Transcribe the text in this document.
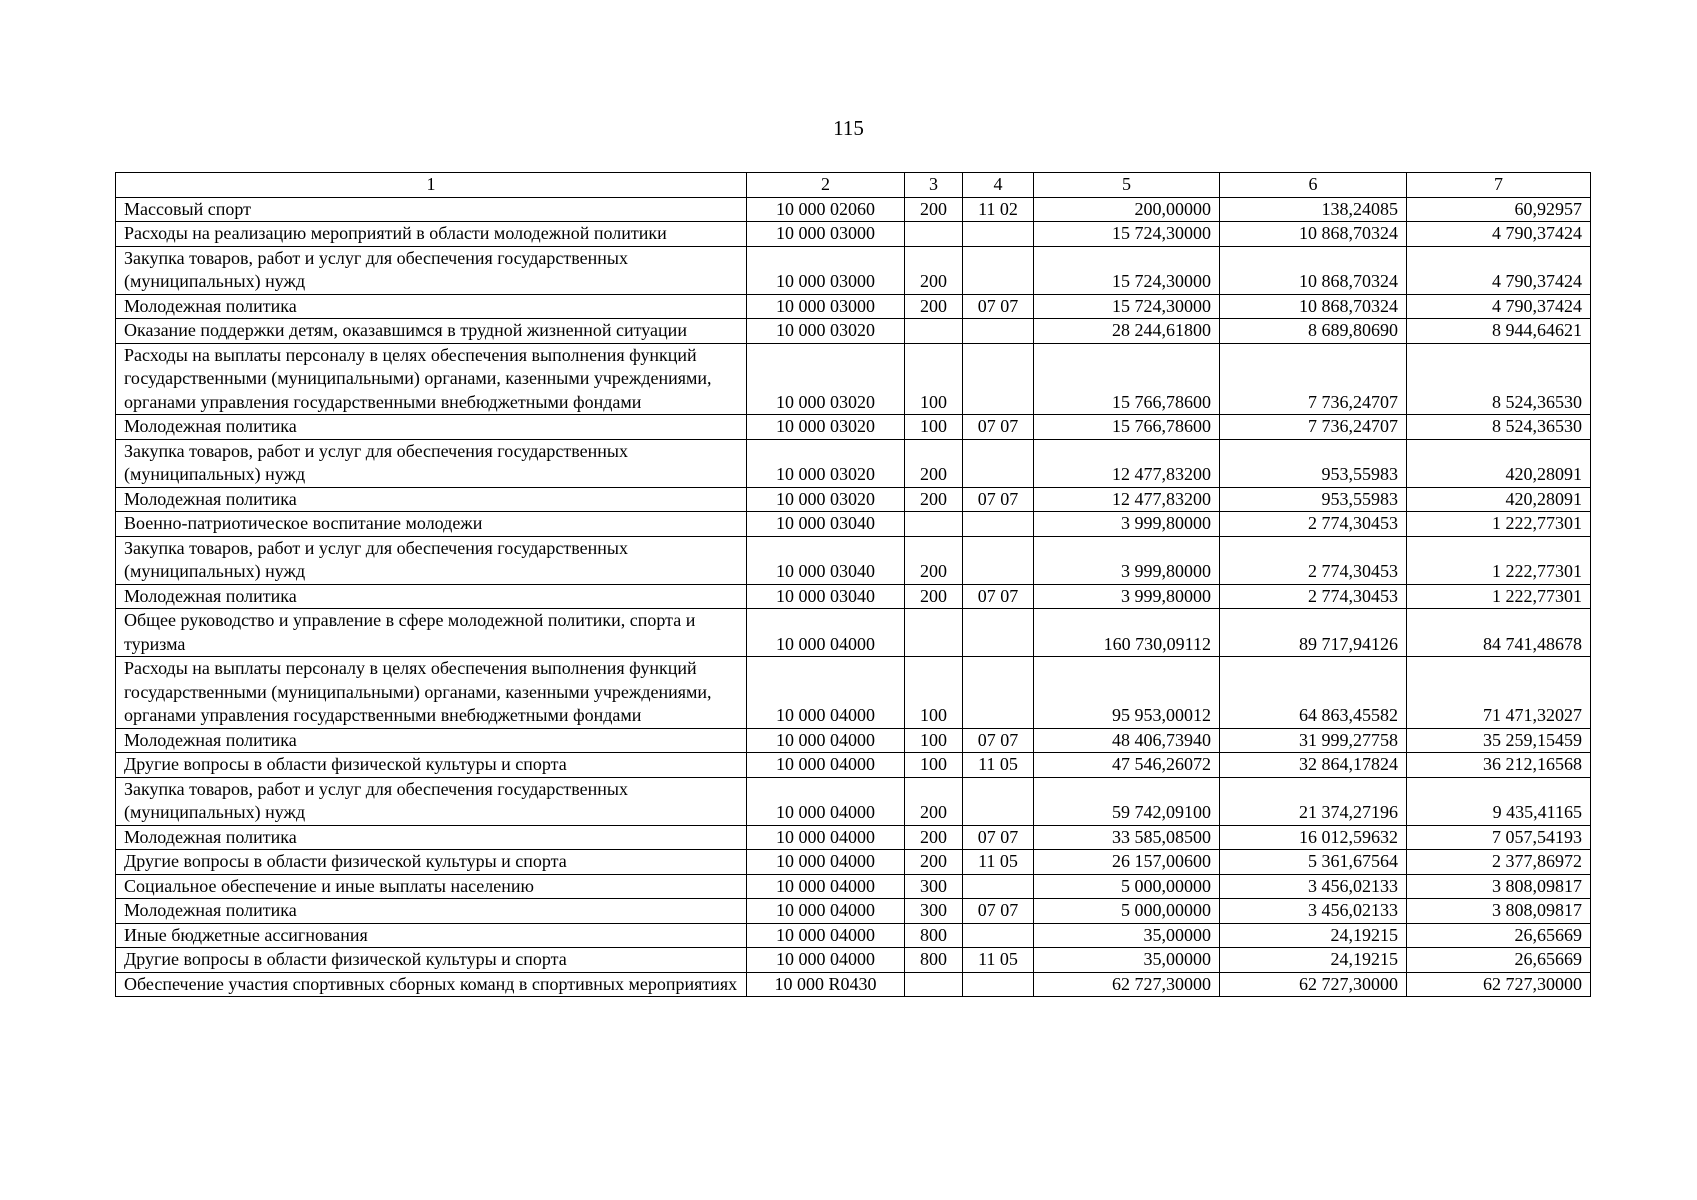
115
1	2	3	4	5	6	7
Массовый спорт	10 000 02060	200	11 02	200,00000	138,24085	60,92957
Расходы на реализацию мероприятий в области молодежной политики	10 000 03000			15 724,30000	10 868,70324	4 790,37424
Закупка товаров, работ и услуг для обеспечения государственных (муниципальных) нужд	10 000 03000	200		15 724,30000	10 868,70324	4 790,37424
Молодежная политика	10 000 03000	200	07 07	15 724,30000	10 868,70324	4 790,37424
Оказание поддержки детям, оказавшимся в трудной жизненной ситуации	10 000 03020			28 244,61800	8 689,80690	8 944,64621
Расходы на выплаты персоналу в целях обеспечения выполнения функций государственными (муниципальными) органами, казенными учреждениями, органами управления государственными внебюджетными фондами	10 000 03020	100		15 766,78600	7 736,24707	8 524,36530
Молодежная политика	10 000 03020	100	07 07	15 766,78600	7 736,24707	8 524,36530
Закупка товаров, работ и услуг для обеспечения государственных (муниципальных) нужд	10 000 03020	200		12 477,83200	953,55983	420,28091
Молодежная политика	10 000 03020	200	07 07	12 477,83200	953,55983	420,28091
Военно-патриотическое воспитание молодежи	10 000 03040			3 999,80000	2 774,30453	1 222,77301
Закупка товаров, работ и услуг для обеспечения государственных (муниципальных) нужд	10 000 03040	200		3 999,80000	2 774,30453	1 222,77301
Молодежная политика	10 000 03040	200	07 07	3 999,80000	2 774,30453	1 222,77301
Общее руководство и управление в сфере молодежной политики, спорта и туризма	10 000 04000			160 730,09112	89 717,94126	84 741,48678
Расходы на выплаты персоналу в целях обеспечения выполнения функций государственными (муниципальными) органами, казенными учреждениями, органами управления государственными внебюджетными фондами	10 000 04000	100		95 953,00012	64 863,45582	71 471,32027
Молодежная политика	10 000 04000	100	07 07	48 406,73940	31 999,27758	35 259,15459
Другие вопросы в области физической культуры и спорта	10 000 04000	100	11 05	47 546,26072	32 864,17824	36 212,16568
Закупка товаров, работ и услуг для обеспечения государственных (муниципальных) нужд	10 000 04000	200		59 742,09100	21 374,27196	9 435,41165
Молодежная политика	10 000 04000	200	07 07	33 585,08500	16 012,59632	7 057,54193
Другие вопросы в области физической культуры и спорта	10 000 04000	200	11 05	26 157,00600	5 361,67564	2 377,86972
Социальное обеспечение и иные выплаты населению	10 000 04000	300		5 000,00000	3 456,02133	3 808,09817
Молодежная политика	10 000 04000	300	07 07	5 000,00000	3 456,02133	3 808,09817
Иные бюджетные ассигнования	10 000 04000	800		35,00000	24,19215	26,65669
Другие вопросы в области физической культуры и спорта	10 000 04000	800	11 05	35,00000	24,19215	26,65669
Обеспечение участия спортивных сборных команд в спортивных мероприятиях	10 000 R0430			62 727,30000	62 727,30000	62 727,30000
